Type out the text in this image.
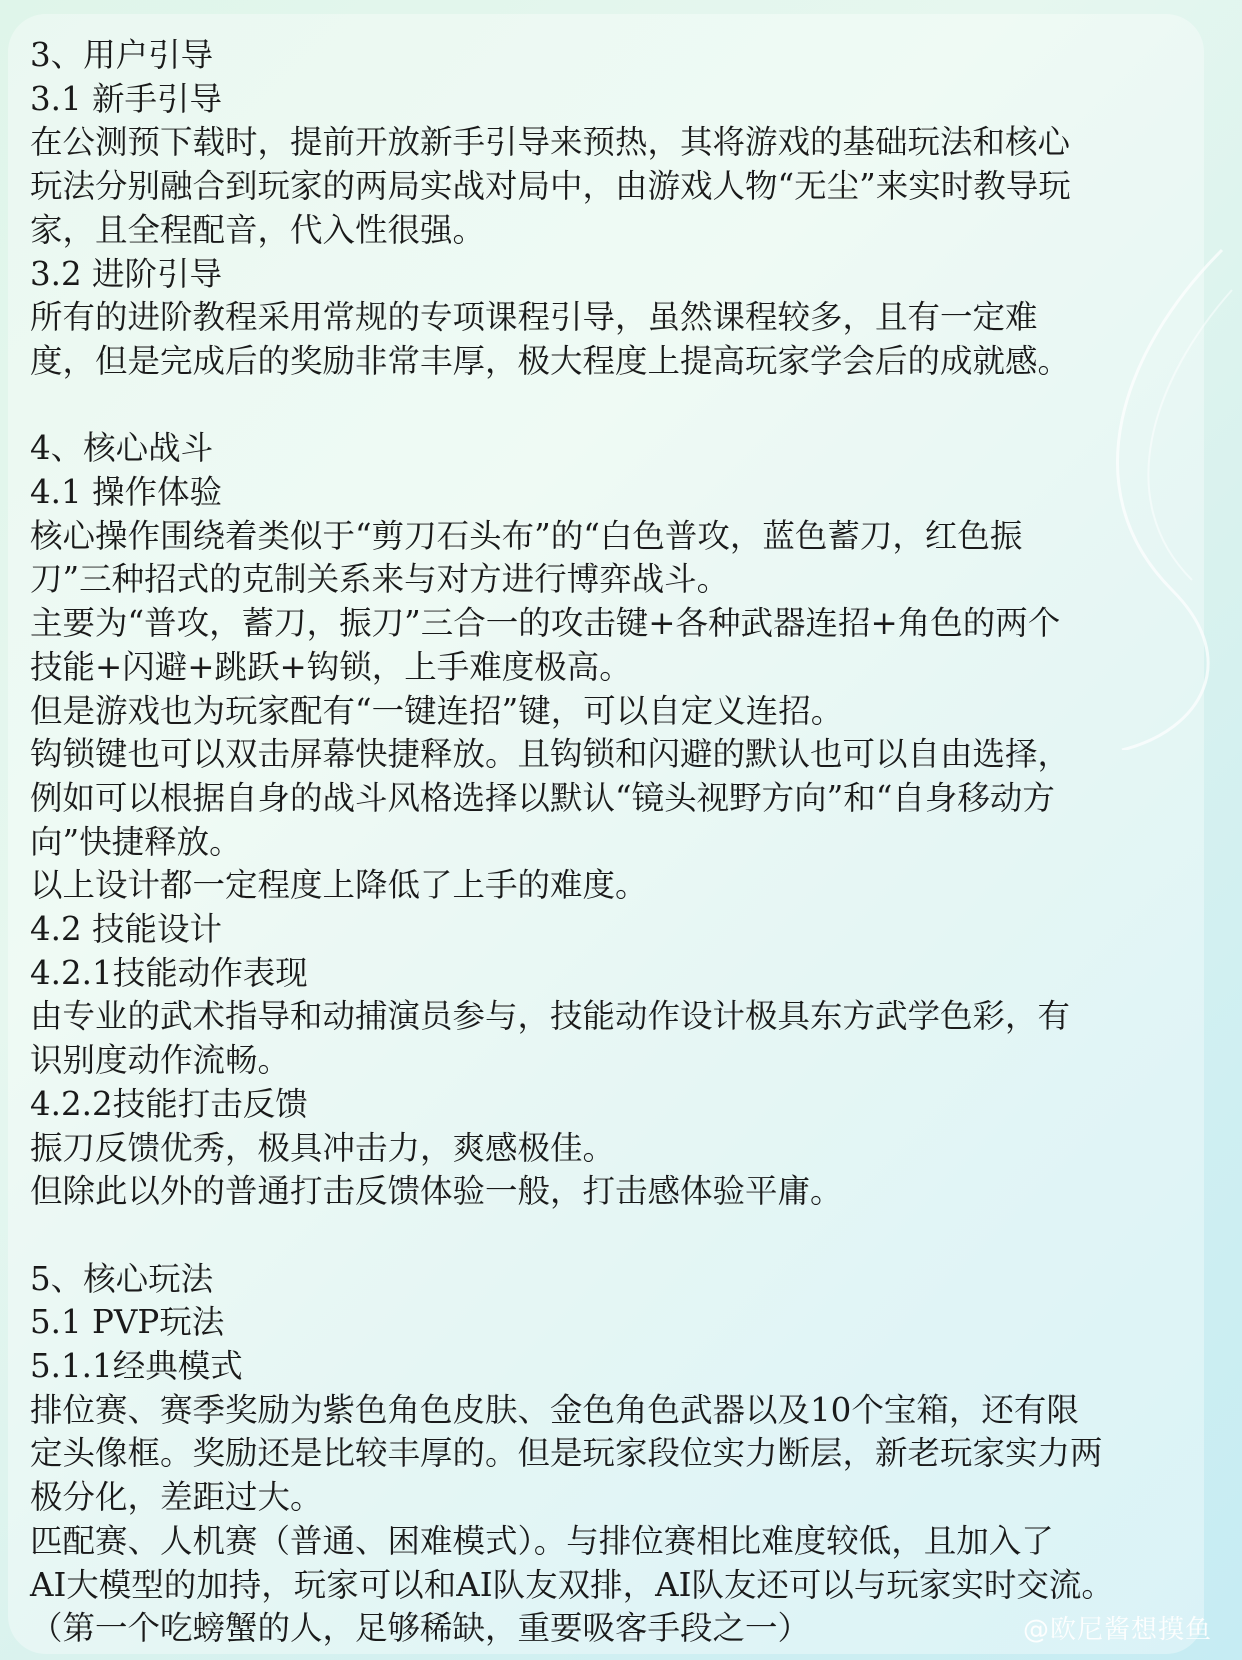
3、用户引导
3.1 新手引导
在公测预下载时，提前开放新手引导来预热，其将游戏的基础玩法和核心
玩法分别融合到玩家的两局实战对局中，由游戏人物“无尘”来实时教导玩
家，且全程配音，代入性很强。
3.2 进阶引导
所有的进阶教程采用常规的专项课程引导，虽然课程较多，且有一定难
度，但是完成后的奖励非常丰厚，极大程度上提高玩家学会后的成就感。
4、核心战斗
4.1 操作体验
核心操作围绕着类似于“剪刀石头布”的“白色普攻，蓝色蓄刀，红色振
刀”三种招式的克制关系来与对方进行博弈战斗。
主要为“普攻，蓄刀，振刀”三合一的攻击键+各种武器连招+角色的两个
技能+闪避+跳跃+钩锁，上手难度极高。
但是游戏也为玩家配有“一键连招”键，可以自定义连招。
钩锁键也可以双击屏幕快捷释放。且钩锁和闪避的默认也可以自由选择，
例如可以根据自身的战斗风格选择以默认“镜头视野方向”和“自身移动方
向”快捷释放。
以上设计都一定程度上降低了上手的难度。
4.2 技能设计
4.2.1技能动作表现
由专业的武术指导和动捕演员参与，技能动作设计极具东方武学色彩，有
识别度动作流畅。
4.2.2技能打击反馈
振刀反馈优秀，极具冲击力，爽感极佳。
但除此以外的普通打击反馈体验一般，打击感体验平庸。
5、核心玩法
5.1 PVP玩法
5.1.1经典模式
排位赛、赛季奖励为紫色角色皮肤、金色角色武器以及10个宝箱，还有限
定头像框。奖励还是比较丰厚的。但是玩家段位实力断层，新老玩家实力两
极分化，差距过大。
匹配赛、人机赛（普通、困难模式）。与排位赛相比难度较低，且加入了
AI大模型的加持，玩家可以和AI队友双排，AI队友还可以与玩家实时交流。
（第一个吃螃蟹的人，足够稀缺，重要吸客手段之一）	@欧尼酱想摸鱼
